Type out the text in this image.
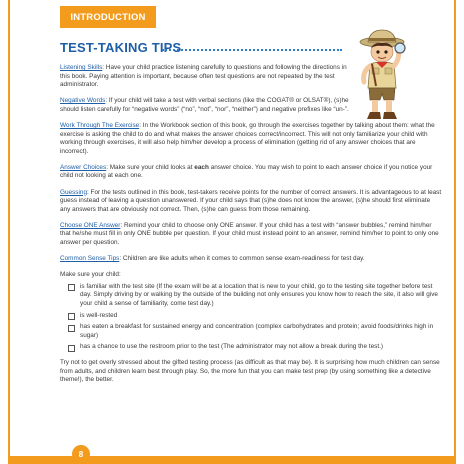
INTRODUCTION
TEST-TAKING TIPS

Listening Skills: Have your child practice listening carefully to questions and following the directions in this book. Paying attention is important, because often test questions are not repeated by the test administrator.

Negative Words: If your child will take a test with verbal sections (like the COGAT® or OLSAT®), (s)he should listen carefully for “negative words” (“no”, “not”, “nor”, “neither”) and negative prefixes like “un-”.

Work Through The Exercise: In the Workbook section of this book, go through the exercises together by talking about them: what the exercise is asking the child to do and what makes the answer choices correct/incorrect. This will not only familiarize your child with working through exercises, it will also help him/her develop a process of elimination (getting rid of any answer choices that are incorrect).

Answer Choices: Make sure your child looks at each answer choice. You may wish to point to each answer choice if you notice your child not looking at each one.

Guessing: For the tests outlined in this book, test-takers receive points for the number of correct answers. It is advantageous to at least guess instead of leaving a question unanswered. If your child says that (s)he does not know the answer, (s)he should first eliminate any answers that are obviously not correct. Then, (s)he can guess from those remaining.

Choose ONE Answer: Remind your child to choose only ONE answer. If your child has a test with “answer bubbles,” remind him/her that he/she must fill in only ONE bubble per question. If your child must instead point to an answer, remind him/her to point to only one answer per question.

Common Sense Tips: Children are like adults when it comes to common sense exam-readiness for test day.

Make sure your child:

is familiar with the test site (If the exam will be at a location that is new to your child, go to the testing site together before test day. Simply driving by or walking by the outside of the building not only ensures you know how to reach the site, it also will give your child a sense of familiarity, come test day.)
is well-rested
has eaten a breakfast for sustained energy and concentration (complex carbohydrates and protein; avoid foods/drinks high in sugar)
has a chance to use the restroom prior to the test (The administrator may not allow a break during the test.)

Try not to get overly stressed about the gifted testing process (as difficult as that may be). It is surprising how much children can sense from adults, and children learn best through play. So, the more fun that you can make test prep (by using something like a detective theme!), the better.

8
